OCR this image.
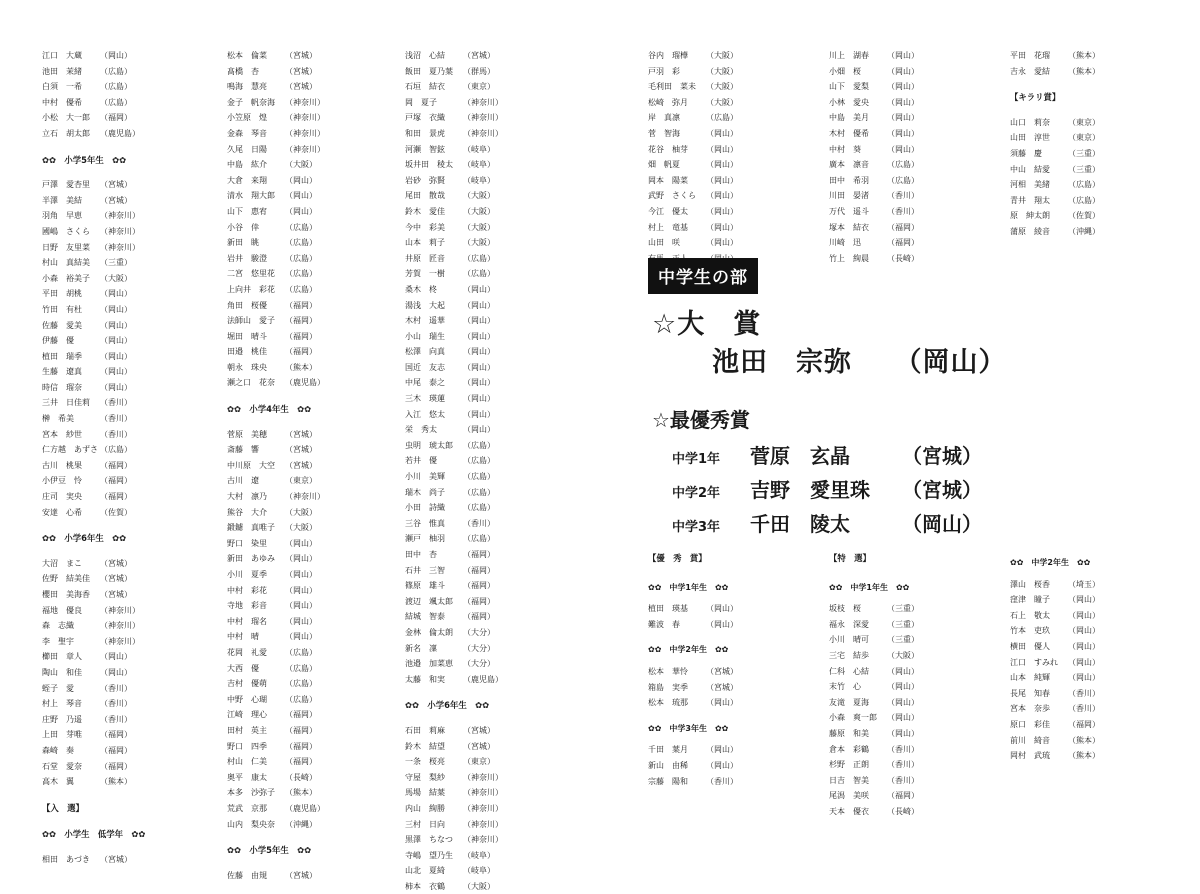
江口　大蔵 （岡山）
池田　茉緒 （広島）
白須　一希 （広島）
中村　優希 （広島）
小松　大一郎 （福岡）
立石　胡太郎 （鹿児島）
✿✿　小学5年生　✿✿
戸澤　愛杏里 （宮城）
半澤　美結 （宮城）
羽角　早恵 （神奈川）
國嶋　さくら （神奈川）
日野　友里菜 （神奈川）
村山　真結美 （三重）
小森　裕美子 （大阪）
平田　胡桃 （岡山）
竹田　有杜 （岡山）
佐藤　愛美 （岡山）
伊藤　優	（岡山）
植田　瑞季 （岡山）
生藤　遼真 （岡山）
時信　瑠奈 （岡山）
三井　日佳莉 （香川）
榊　希美	（香川）
宮本　紗世 （香川）
仁方越　あずさ （広島）
古川　桃果 （福岡）
小伊豆　怜 （福岡）
庄司　実央 （福岡）
安達　心希 （佐賀）
✿✿　小学6年生　✿✿
大沼　まこ （宮城）
佐野　結美佳 （宮城）
櫻田　美海香 （宮城）
福地　優良 （神奈川）
森　志織	（神奈川）
李　聖宇	（神奈川）
櫛田　章人 （岡山）
陶山　和佳 （岡山）
蛭子　愛	（香川）
村上　琴音 （香川）
庄野　乃遥 （香川）
上田　芽唯 （福岡）
森崎　奏	（福岡）
石堂　愛奈 （福岡）
高木　翼	（熊本）
【入　選】
✿✿　小学生　低学年　✿✿
相田　あづき （宮城）
松本　倫菜 （宮城）
髙橋　杏	（宮城）
鳴海　慧亮 （宮城）
金子　帆奈海 （神奈川）
小笠原　煌 （神奈川）
金森　琴音 （神奈川）
久尾　日陽 （神奈川）
中島　紘介 （大阪）
大倉　来翔 （岡山）
清水　翔大郎 （岡山）
山下　惠宥 （岡山）
小谷　倖	（広島）
新田　眺	（広島）
岩井　駿澄 （広島）
二宮　悠里花 （広島）
上向井　彩花 （広島）
角田　桜優 （福岡）
法師山　愛子 （福岡）
堀田　晴斗 （福岡）
田邉　桃佳 （福岡）
朝永　珠央 （熊本）
瀬之口　花奈 （鹿児島）
✿✿　小学4年生　✿✿
菅原　美穂 （宮城）
斎藤　響	（宮城）
中川原　大空 （宮城）
古川　遼	（東京）
大村　凛乃 （神奈川）
熊谷　大介 （大阪）
鍛鑢　真唯子 （大阪）
野口　染里 （岡山）
新田　あゆみ （岡山）
小川　夏季 （岡山）
中村　彩花 （岡山）
寺地　彩音 （岡山）
中村　瑠名 （岡山）
中村　晴	（岡山）
花岡　礼愛 （広島）
大西　優	（広島）
吉村　優萌 （広島）
中野　心瑚 （広島）
江崎　理心 （福岡）
田村　英主 （福岡）
野口　四季 （福岡）
村山　仁美 （福岡）
奥平　康太 （長崎）
本多　沙弥子 （熊本）
荒武　京那 （鹿児島）
山内　梨央奈 （沖縄）
✿✿　小学5年生　✿✿
佐藤　由規 （宮城）
浅沼　心結 （宮城）
飯田　夏乃葉 （群馬）
石垣　結衣 （東京）
岡　夏子	（神奈川）
戸塚　衣織 （神奈川）
和田　景虎 （神奈川）
河瀬　智鉉 （岐阜）
坂井田　稜太 （岐阜）
岩砂　弥賢 （岐阜）
尾田　散哉 （大阪）
鈴木　愛佳 （大阪）
今中　彩美 （大阪）
山本　莉子 （大阪）
井原　匠音 （広島）
芳賀　一樹 （広島）
桑木　柊	（岡山）
湯浅　大起 （岡山）
木村　遥華 （岡山）
小山　瑞生 （岡山）
松澤　向真 （岡山）
国近　友志 （岡山）
中尾　泰之 （岡山）
三木　瑛蓮 （岡山）
入江　悠太 （岡山）
栄　秀太	（岡山）
虫明　琥太郎 （広島）
若井　優	（広島）
小川　美輝 （広島）
瑞木　尚子 （広島）
小田　詩織 （広島）
三谷　惟真 （香川）
瀬戸　柚羽 （広島）
田中　杏	（福岡）
石井　三智 （福岡）
篠原　雄斗 （福岡）
渡辺　颯太郎 （福岡）
結城　智泰 （福岡）
金林　倫太朗 （大分）
新名　凜	（大分）
池邉　加菜恵 （大分）
太藤　和実 （鹿児島）
✿✿　小学6年生　✿✿
石田　莉麻 （宮城）
鈴木　結望 （宮城）
一条　桜亮 （東京）
守屋　梨紗 （神奈川）
馬場　結葉 （神奈川）
内山　絢勝 （神奈川）
三村　日向 （神奈川）
黒澤　ちなつ （神奈川）
寺嶋　望乃生 （岐阜）
山北　夏綺 （岐阜）
柿本　衣鶴 （大阪）
谷内　瑠樺 （大阪）
戸羽　彩	（大阪）
毛利田　菜未 （大阪）
松崎　弥月 （大阪）
岸　真凛	（広島）
菅　智海	（岡山）
花谷　柚芽 （岡山）
畑　帆夏	（岡山）
岡本　陽菜 （岡山）
武野　さくら （岡山）
今江　優太 （岡山）
村上　竜基 （岡山）
山田　咲	（岡山）
川上　湖春 （岡山）
小畑　桜	（岡山）
山下　愛梨 （岡山）
小林　愛央 （岡山）
中島　美月 （岡山）
木村　優希 （岡山）
中村　葵	（岡山）
廣本　凛音 （広島）
田中　希羽 （広島）
川田　晏渚 （香川）
万代　遥斗 （香川）
塚本　結衣 （福岡）
川崎　迅	（福岡）
竹上　絢晨 （長崎）
平田　花瑠 （熊本）
吉永　愛結 （熊本）
【キラリ賞】
山口　莉奈 （東京）
山田　淳世 （東京）
須藤　慶	（三重）
中山　結愛 （三重）
河相　美緒 （広島）
青井　翔太 （広島）
原　紳太朗 （佐賀）
蒲原　綾音 （沖縄）
中学生の部
☆大　賞
池田　宗弥　　（岡山）
☆最優秀賞
中学1年 菅原　玄晶	（宮城）
中学2年 吉野　愛里珠 （宮城）
中学3年 千田　陵太	（岡山）
【優　秀　賞】
✿✿　中学1年生　✿✿
植田　瑛基 （岡山）
難波　春	（岡山）
✿✿　中学2年生　✿✿
松本　華怜 （宮城）
箱島　実季 （宮城）
松本　琉那 （岡山）
✿✿　中学3年生　✿✿
千田　葉月 （岡山）
新山　由稀 （岡山）
宗藤　陽和 （香川）
【特　選】
✿✿　中学1年生　✿✿
坂枝　桜	（三重）
福永　深愛 （三重）
小川　晴可 （三重）
三宅　結歩 （大阪）
仁科　心結 （岡山）
末竹　心	（岡山）
友滝　夏海 （岡山）
小森　爽一郎 （岡山）
藤原　和美 （岡山）
倉本　彩鶴 （香川）
杉野　正朗 （香川）
日吉　智美 （香川）
尾潟　美咲 （福岡）
天本　優衣 （長崎）
✿✿　中学2年生　✿✿
澤山　桜香 （埼玉）
窪津　瞳子 （岡山）
石上　敬太 （岡山）
竹本　吏玖 （岡山）
横田　優人 （岡山）
江口　すみれ （岡山）
山本　純輝 （岡山）
長尾　知春 （香川）
宮本　奈歩 （香川）
原口　彩佳 （福岡）
前川　綺音 （熊本）
岡村　武琉 （熊本）
